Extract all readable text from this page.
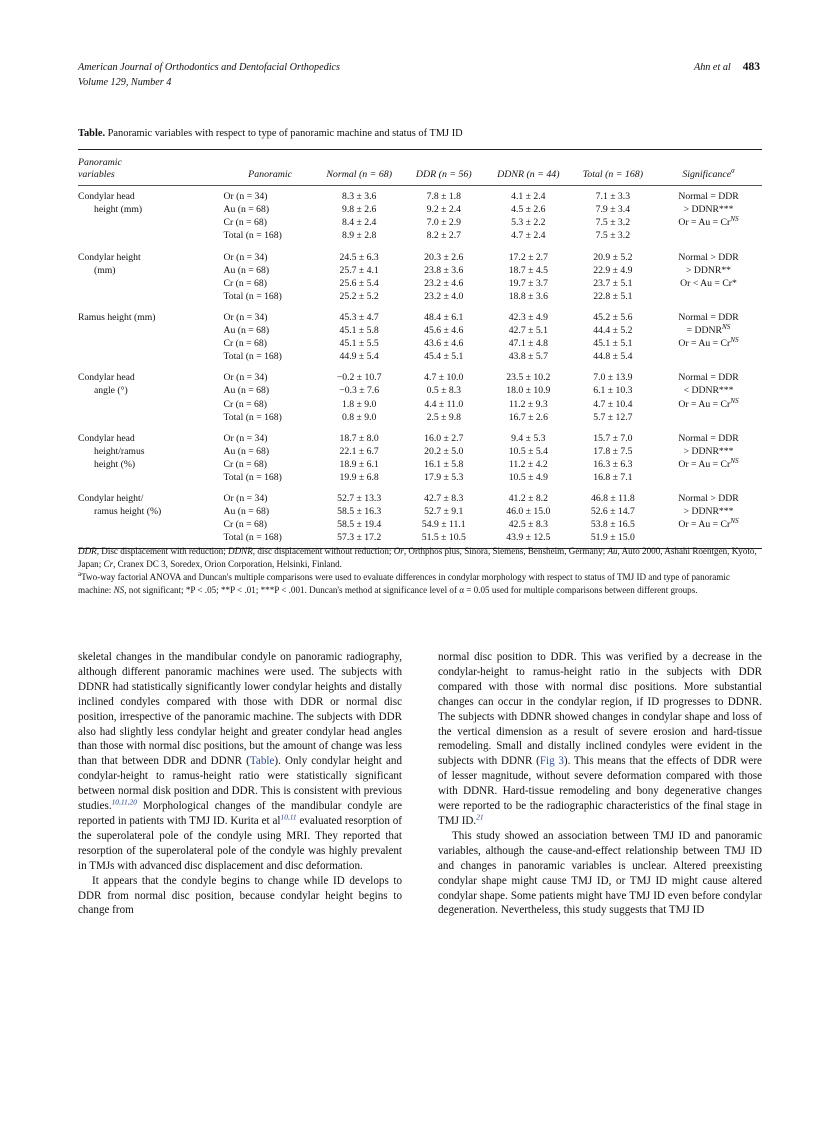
American Journal of Orthodontics and Dentofacial Orthopedics	Ahn et al 483
Volume 129, Number 4
Table. Panoramic variables with respect to type of panoramic machine and status of TMJ ID
Panoramic
variables	Panoramic	Normal (n = 68)	DDR (n = 56)	DDNR (n = 44)	Total (n = 168)	Significance$^a$
Condylar head	Or (n = 34)	8.3 ± 3.6	7.8 ± 1.8	4.1 ± 2.4	7.1 ± 3.3	Normal = DDR
height (mm)	Au (n = 68)	9.8 ± 2.6	9.2 ± 2.4	4.5 ± 2.6	7.9 ± 3.4	> DDNR***
	Cr (n = 68)	8.4 ± 2.4	7.0 ± 2.9	5.3 ± 2.2	7.5 ± 3.2	$Or = Au = Cr^{NS}$
	Total (n = 168)	8.9 ± 2.8	8.2 ± 2.7	4.7 ± 2.4	7.5 ± 3.2	
Condylar height	Or (n = 34)	24.5 ± 6.3	20.3 ± 2.6	17.2 ± 2.7	20.9 ± 5.2	Normal > DDR
(mm)	Au (n = 68)	25.7 ± 4.1	23.8 ± 3.6	18.7 ± 4.5	22.9 ± 4.9	> DDNR**
	Cr (n = 68)	25.6 ± 5.4	23.2 ± 4.6	19.7 ± 3.7	23.7 ± 5.1	Or < Au = Cr*
	Total (n = 168)	25.2 ± 5.2	23.2 ± 4.0	18.8 ± 3.6	22.8 ± 5.1	
Ramus height (mm)	Or (n = 34)	45.3 ± 4.7	48.4 ± 6.1	42.3 ± 4.9	45.2 ± 5.6	Normal = DDR
	Au (n = 68)	45.1 ± 5.8	45.6 ± 4.6	42.7 ± 5.1	44.4 ± 5.2	= $DDNR^{NS}$
	Cr (n = 68)	45.1 ± 5.5	43.6 ± 4.6	47.1 ± 4.8	45.1 ± 5.1	$Or = Au = Cr^{NS}$
	Total (n = 168)	44.9 ± 5.4	45.4 ± 5.1	43.8 ± 5.7	44.8 ± 5.4	
Condylar head	Or (n = 34)	−0.2 ± 10.7	4.7 ± 10.0	23.5 ± 10.2	7.0 ± 13.9	Normal = DDR
angle (°)	Au (n = 68)	−0.3 ± 7.6	0.5 ± 8.3	18.0 ± 10.9	6.1 ± 10.3	< DDNR***
	Cr (n = 68)	1.8 ± 9.0	4.4 ± 11.0	11.2 ± 9.3	4.7 ± 10.4	$Or = Au = Cr^{NS}$
	Total (n = 168)	0.8 ± 9.0	2.5 ± 9.8	16.7 ± 2.6	5.7 ± 12.7	
Condylar head	Or (n = 34)	18.7 ± 8.0	16.0 ± 2.7	9.4 ± 5.3	15.7 ± 7.0	Normal = DDR
height/ramus	Au (n = 68)	22.1 ± 6.7	20.2 ± 5.0	10.5 ± 5.4	17.8 ± 7.5	> DDNR***
height (%)	Cr (n = 68)	18.9 ± 6.1	16.1 ± 5.8	11.2 ± 4.2	16.3 ± 6.3	$Or = Au = Cr^{NS}$
	Total (n = 168)	19.9 ± 6.8	17.9 ± 5.3	10.5 ± 4.9	16.8 ± 7.1	
Condylar height/	Or (n = 34)	52.7 ± 13.3	42.7 ± 8.3	41.2 ± 8.2	46.8 ± 11.8	Normal > DDR
ramus height (%)	Au (n = 68)	58.5 ± 16.3	52.7 ± 9.1	46.0 ± 15.0	52.6 ± 14.7	> DDNR***
	Cr (n = 68)	58.5 ± 19.4	54.9 ± 11.1	42.5 ± 8.3	53.8 ± 16.5	$Or = Au = Cr^{NS}$
	Total (n = 168)	57.3 ± 17.2	51.5 ± 10.5	43.9 ± 12.5	51.9 ± 15.0	

DDR, Disc displacement with reduction; DDNR, disc displacement without reduction; Or, Orthphos plus, Sinora, Siemens, Bensheim, Germany; Au, Auto 2000, Ashahi Roentgen, Kyoto, Japan; Cr, Cranex DC 3, Soredex, Orion Corporation, Helsinki, Finland.

$^a$Two-way factorial ANOVA and Duncan's multiple comparisons were used to evaluate differences in condylar morphology with respect to status of TMJ ID and type of panoramic machine: NS, not significant; *P < .05; **P < .01; ***P < .001. Duncan's method at significance level of α = 0.05 used for multiple comparisons between different groups.

skeletal changes in the mandibular condyle on panoramic radiography, although different panoramic machines were used. The subjects with DDNR had statistically significantly lower condylar heights and distally inclined condyles compared with those with DDR or normal disc position, irrespective of the panoramic machine. The subjects with DDR also had slightly less condylar height and greater condylar head angles than those with normal disc positions, but the amount of change was less than that between DDR and DDNR (Table). Only condylar height and condylar-height to ramus-height ratio were statistically significant between normal disk position and DDR. This is consistent with previous studies.$^{10,11,20}$ Morphological changes of the mandibular condyle are reported in patients with TMJ ID. Kurita et al$^{10,11}$ evaluated resorption of the superolateral pole of the condyle using MRI. They reported that resorption of the superolateral pole of the condyle was highly prevalent in TMJs with advanced disc displacement and disc deformation.

It appears that the condyle begins to change while ID develops to DDR from normal disc position, because condylar height begins to change from

normal disc position to DDR. This was verified by a decrease in the condylar-height to ramus-height ratio in the subjects with DDR compared with those with normal disc positions. More substantial changes can occur in the condylar region, if ID progresses to DDNR. The subjects with DDNR showed changes in condylar shape and loss of the vertical dimension as a result of severe erosion and hard-tissue remodeling. Small and distally inclined condyles were evident in the subjects with DDNR (Fig 3). This means that the effects of DDR were of lesser magnitude, without severe deformation compared with those with DDNR. Hard-tissue remodeling and bony degenerative changes were reported to be the radiographic characteristics of the final stage in TMJ ID.$^{21}$

This study showed an association between TMJ ID and panoramic variables, although the cause-and-effect relationship between TMJ ID and changes in panoramic variables is unclear. Altered preexisting condylar shape might cause TMJ ID, or TMJ ID might cause altered condylar shape. Some patients might have TMJ ID even before condylar degeneration. Nevertheless, this study suggests that TMJ ID
